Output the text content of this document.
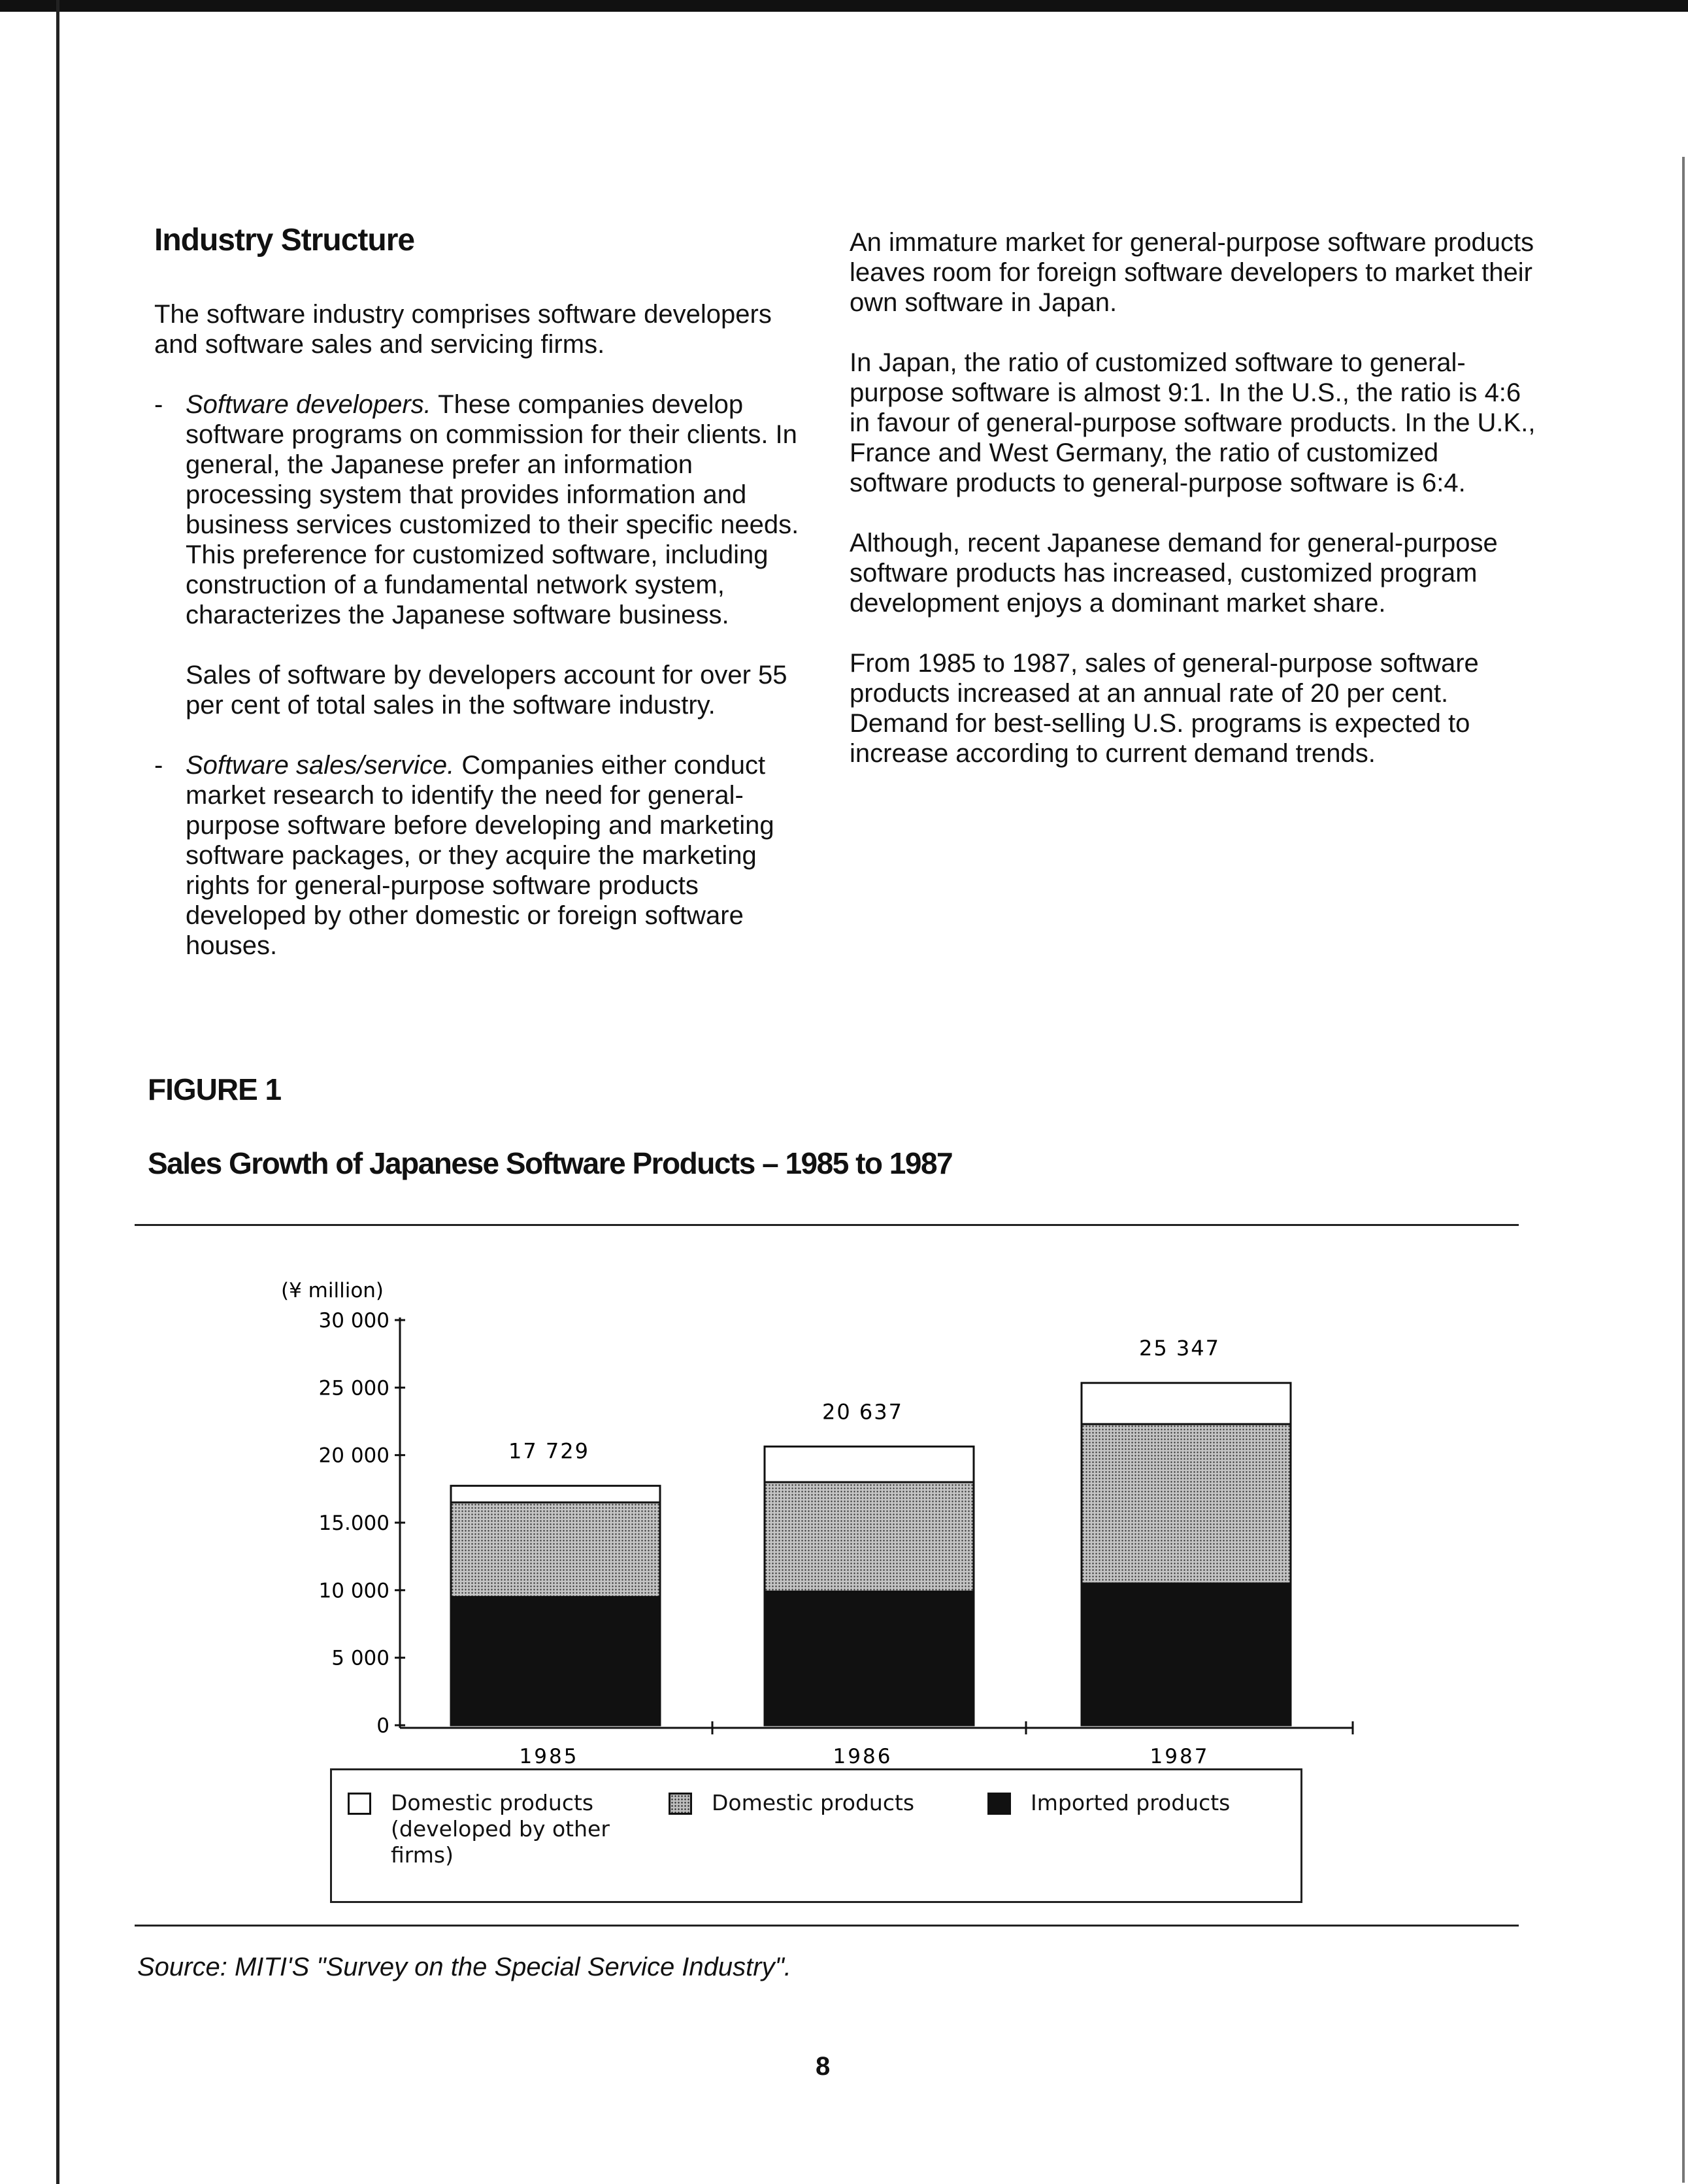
Industry Structure

The software industry comprises software developers and software sales and servicing firms.

- Software developers. These companies develop software programs on commission for their clients. In general, the Japanese prefer an information processing system that provides information and business services customized to their specific needs. This preference for customized software, including construction of a fundamental network system, characterizes the Japanese software business.

Sales of software by developers account for over 55 per cent of total sales in the software industry.

- Software sales/service. Companies either conduct market research to identify the need for general-purpose software before developing and marketing software packages, or they acquire the marketing rights for general-purpose software products developed by other domestic or foreign software houses.

An immature market for general-purpose software products leaves room for foreign software developers to market their own software in Japan.

In Japan, the ratio of customized software to general-purpose software is almost 9:1. In the U.S., the ratio is 4:6 in favour of general-purpose software products. In the U.K., France and West Germany, the ratio of customized software products to general-purpose software is 6:4.

Although, recent Japanese demand for general-purpose software products has increased, customized program development enjoys a dominant market share.

From 1985 to 1987, sales of general-purpose software products increased at an annual rate of 20 per cent. Demand for best-selling U.S. programs is expected to increase according to current demand trends.

FIGURE 1
Sales Growth of Japanese Software Products – 1985 to 1987
(¥ million)
0
5 000
10 000
15.000
20 000
25 000
30 000
17 729
1985
20 637
1986
25 347
1987
Domestic products
(developed by other
firms)
Domestic products	Imported products
Source: MITI'S "Survey on the Special Service Industry".
8
